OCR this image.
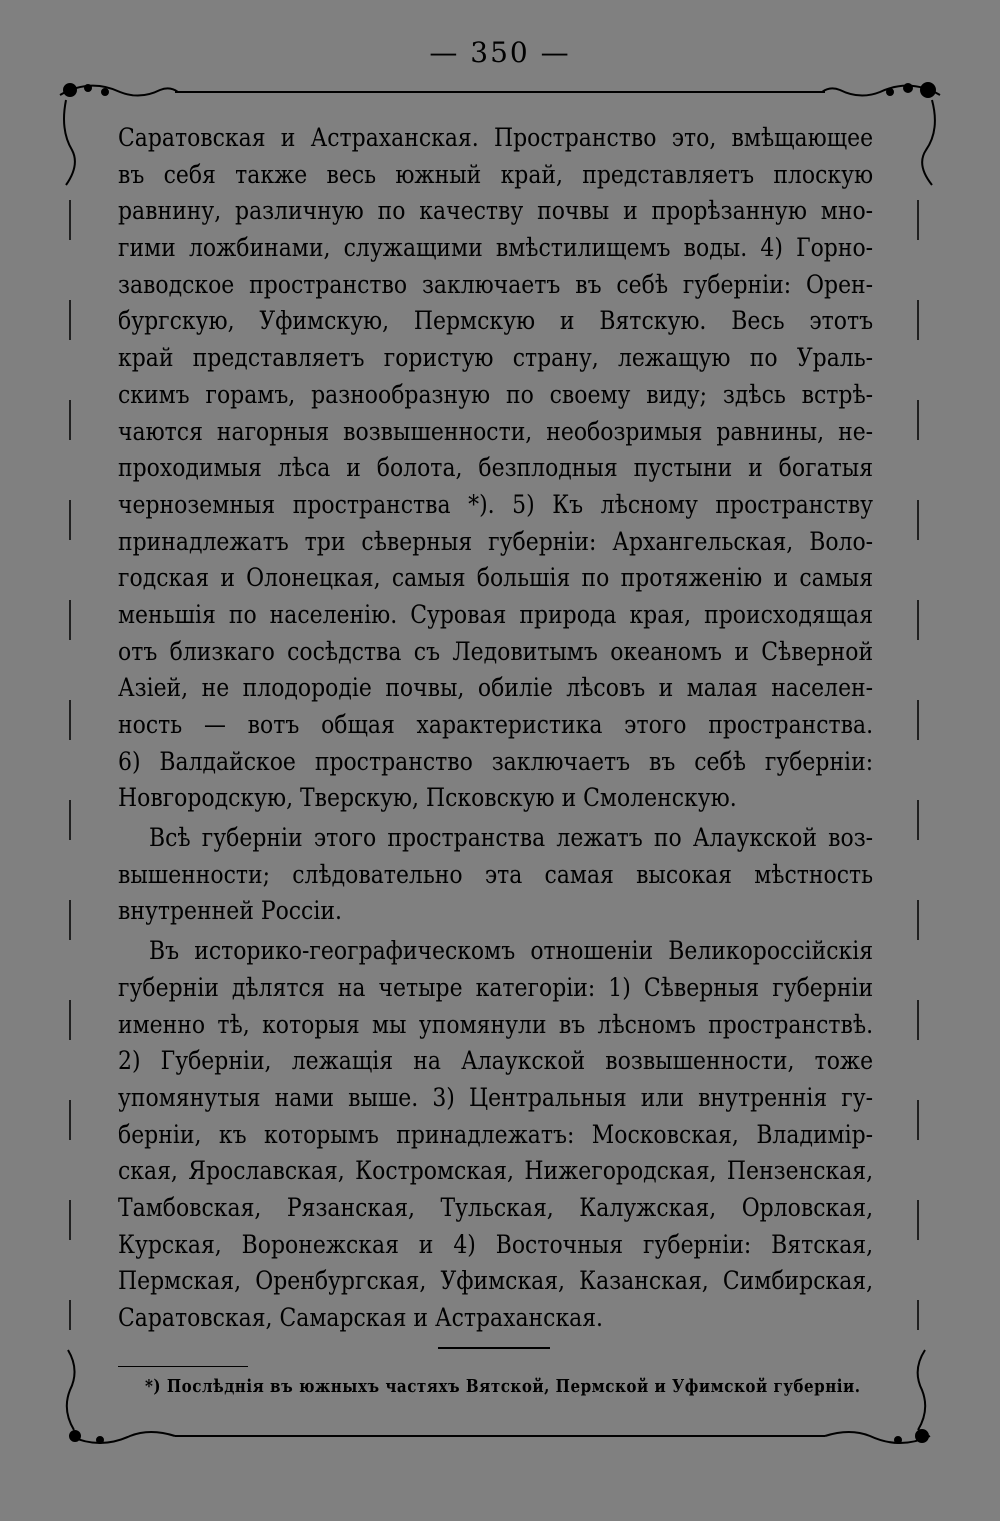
— 350 —
Саратовская и Астраханская. Пространство это, вмѣщающее
въ себя также весь южный край, представляетъ плоскую
равнину, различную по качеству почвы и прорѣзанную мно-
гими ложбинами, служащими вмѣстилищемъ воды. 4) Горно-
заводское пространство заключаетъ въ себѣ губерніи: Орен-
бургскую, Уфимскую, Пермскую и Вятскую. Весь этотъ
край представляетъ гористую страну, лежащую по Ураль-
скимъ горамъ, разнообразную по своему виду; здѣсь встрѣ-
чаются нагорныя возвышенности, необозримыя равнины, не-
проходимыя лѣса и болота, безплодныя пустыни и богатыя
черноземныя пространства *). 5) Къ лѣсному пространству
принадлежатъ три сѣверныя губерніи: Архангельская, Воло-
годская и Олонецкая, самыя большія по протяженію и самыя
меньшія по населенію. Суровая природа края, происходящая
отъ близкаго сосѣдства съ Ледовитымъ океаномъ и Сѣверной
Азіей, не плодородіе почвы, обиліе лѣсовъ и малая населен-
ность — вотъ общая характеристика этого пространства.
6) Валдайское пространство заключаетъ въ себѣ губерніи:
Новгородскую, Тверскую, Псковскую и Смоленскую.
Всѣ губерніи этого пространства лежатъ по Алаукской воз-
вышенности; слѣдовательно эта самая высокая мѣстность
внутренней Россіи.
Въ историко-географическомъ отношеніи Великороссійскія
губерніи дѣлятся на четыре категоріи: 1) Сѣверныя губерніи
именно тѣ, которыя мы упомянули въ лѣсномъ пространствѣ.
2) Губерніи, лежащія на Алаукской возвышенности, тоже
упомянутыя нами выше. 3) Центральныя или внутреннія гу-
берніи, къ которымъ принадлежатъ: Московская, Владимір-
ская, Ярославская, Костромская, Нижегородская, Пензенская,
Тамбовская, Рязанская, Тульская, Калужская, Орловская,
Курская, Воронежская и 4) Восточныя губерніи: Вятская,
Пермская, Оренбургская, Уфимская, Казанская, Симбирская,
Саратовская, Самарская и Астраханская.
*) Послѣднія въ южныхъ частяхъ Вятской, Пермской и Уфимской губерніи.
